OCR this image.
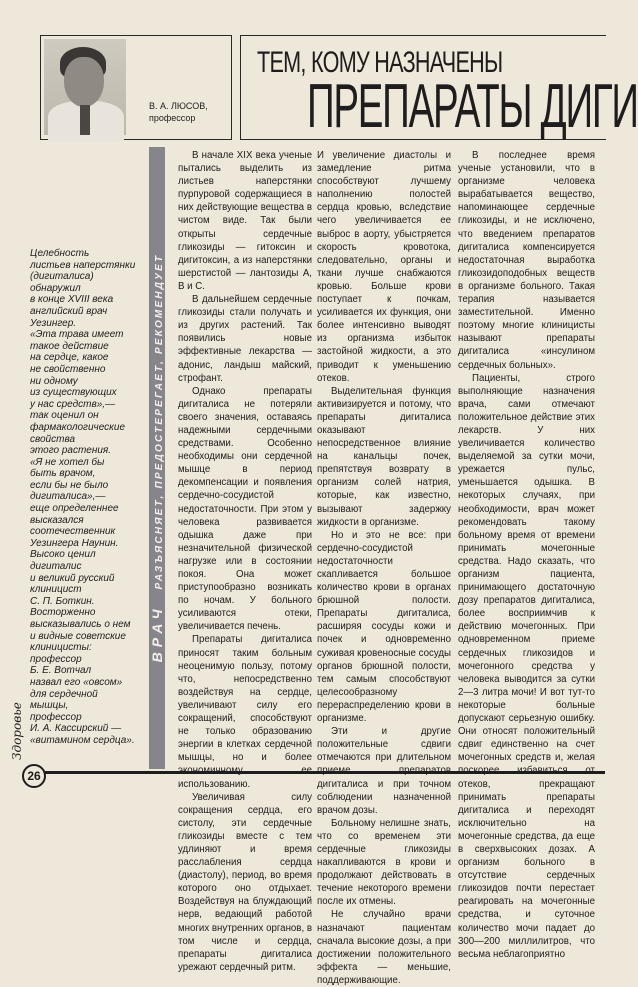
В. А. ЛЮСОВ,
профессор
ТЕМ, КОМУ НАЗНАЧЕНЫ
ПРЕПАРАТЫ ДИГИ
ВРАЧ   РАЗЪЯСНЯЕТ, ПРЕДОСТЕРЕГАЕТ, РЕКОМЕНДУЕТ
Целебность
листьев наперстянки
(дигиталиса)
обнаружил
в конце XVIII века
английский врач
Уезингер.
«Эта трава имеет
такое действие
на сердце, какое
не свойственно
ни одному
из существующих
у нас средств»,—
так оценил он
фармакологические
свойства
этого растения.
«Я не хотел бы
быть врачом,
если бы не было
дигиталиса»,—
еще определеннее
высказался
соотечественник
Уезингера Наунин.
Высоко ценил
дигиталис
и великий русский
клиницист
С. П. Боткин.
Восторженно
высказывались о нем
и видные советские
клиницисты:
профессор
Б. Е. Вотчал
назвал его «овсом»
для сердечной
мышцы,
профессор
И. А. Кассирский —
«витамином сердца».

В начале XIX века ученые пытались выделить из листьев наперстянки пурпуровой содержащиеся в них действующие вещества в чистом виде. Так были открыты сердечные гликозиды — гитоксин и дигитоксин, а из наперстянки шерстистой — лантозиды А, В и С.

В дальнейшем сердечные гликозиды стали получать и из других растений. Так появились новые эффективные лекарства — адонис, ландыш майский, строфант.

Однако препараты дигиталиса не потеряли своего значения, оставаясь надежными сердечными средствами. Особенно необходимы они сердечной мышце в период декомпенсации и появления сердечно-сосудистой недостаточности. При этом у человека развивается одышка даже при незначительной физической нагрузке или в состоянии покоя. Она может приступообразно возникать по ночам. У больного усиливаются отеки, увеличивается печень.

Препараты дигиталиса приносят таким больным неоценимую пользу, потому что, непосредственно воздействуя на сердце, увеличивают силу его сокращений, способствуют не только образованию энергии в клетках сердечной мышцы, но и более использованию.

Увеличивая силу сокращения сердца, его систолу, эти сердечные гликозиды вместе с тем удлиняют и время расслабления сердца (диастолу), период, во время которого оно отдыхает. Воздействуя на блуждающий нерв, ведающий работой многих внутренних органов, в том числе и сердца, препараты дигиталиса урежают сердечный ритм.

И увеличение диастолы и замедление ритма способствуют лучшему наполнению полостей сердца кровью, вследствие чего увеличивается ее выброс в аорту, убыстряется скорость кровотока, следовательно, органы и ткани лучше снабжаются кровью. Больше крови поступает к почкам, усиливается их функция, они более интенсивно выводят из организма избыток застойной жидкости, а это приводит к уменьшению отеков.

Выделительная функция активизируется и потому, что препараты дигиталиса оказывают непосредственное влияние на канальцы почек, препятствуя возврату в организм солей натрия, которые, как известно, вызывают задержку жидкости в организме.

Но и это не все: при сердечно-сосудистой недостаточности скапливается большое количество крови в органах брюшной полости. Препараты дигиталиса, расширяя сосуды кожи и почек и одновременно суживая кровеносные сосуды органов брюшной полости, тем самым способствуют целесообразному перераспределению крови в организме.

Эти и другие положительные сдвиги отмечаются при длительном дигиталиса и при точном соблюдении назначенной врачом дозы.

Больному нелишне знать, что со временем эти сердечные гликозиды накапливаются в крови и продолжают действовать в течение некоторого времени после их отмены.

Не случайно врачи назначают пациентам сначала высокие дозы, а при достижении положительного эффекта — меньшие, поддерживающие.

В последнее время ученые установили, что в организме человека вырабатывается вещество, напоминающее сердечные гликозиды, и не исключено, что введением препаратов дигиталиса компенсируется недостаточная выработка гликозидоподобных веществ в организме больного. Такая терапия называется заместительной. Именно поэтому многие клиницисты называют препараты дигиталиса «инсулином сердечных больных».

Пациенты, строго выполняющие назначения врача, сами отмечают положительное действие этих лекарств. У них увеличивается количество выделяемой за сутки мочи, урежается пульс, уменьшается одышка. В некоторых случаях, при необходимости, врач может рекомендовать такому больному время от времени принимать мочегонные средства. Надо сказать, что организм пациента, принимающего достаточную дозу препаратов дигиталиса, более восприимчив к действию мочегонных. При одновременном приеме сердечных гликозидов и мочегонного средства у человека выводится за сутки 2—3 литра мочи! И вот тут-то некоторые больные допускают серьезную ошибку. Они относят положительный сдвиг единственно на счет мочегонных средств и, желая отеков, прекращают принимать препараты дигиталиса и переходят исключительно на мочегонные средства, да еще в сверхвысоких дозах. А организм больного в отсутствие сердечных гликозидов почти перестает реагировать на мочегонные средства, и суточное количество мочи падает до 300—200 миллилитров, что весьма неблагоприятно

Здоровье
26
